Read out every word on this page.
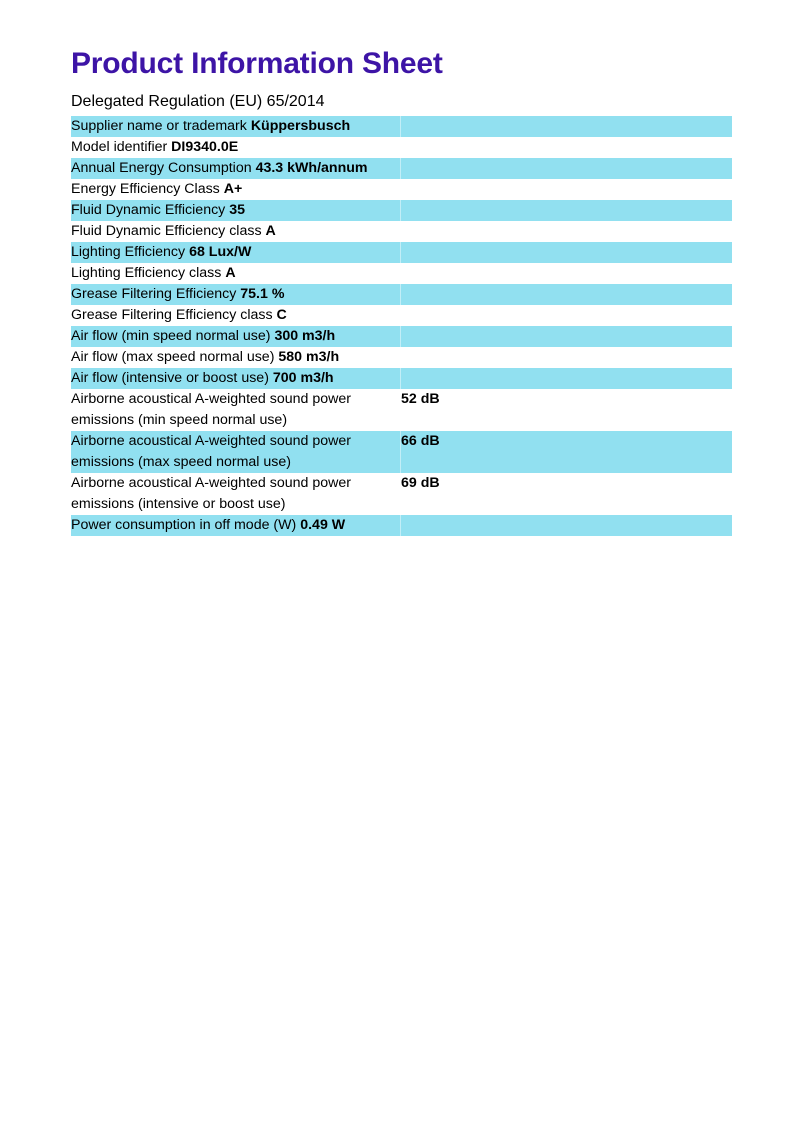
Product Information Sheet
Delegated Regulation (EU) 65/2014
Supplier name or trademark Küppersbusch
Model identifier DI9340.0E
Annual Energy Consumption 43.3 kWh/annum
Energy Efficiency Class A+
Fluid Dynamic Efficiency 35
Fluid Dynamic Efficiency class A
Lighting Efficiency 68 Lux/W
Lighting Efficiency class A
Grease Filtering Efficiency 75.1 %
Grease Filtering Efficiency class C
Air flow (min speed normal use) 300 m3/h
Air flow (max speed normal use) 580 m3/h
Air flow (intensive or boost use) 700 m3/h
Airborne acoustical A-weighted sound power emissions (min speed normal use)
52 dB
Airborne acoustical A-weighted sound power emissions (max speed normal use)
66 dB
Airborne acoustical A-weighted sound power emissions (intensive or boost use)
69 dB
Power consumption in off mode (W) 0.49 W
